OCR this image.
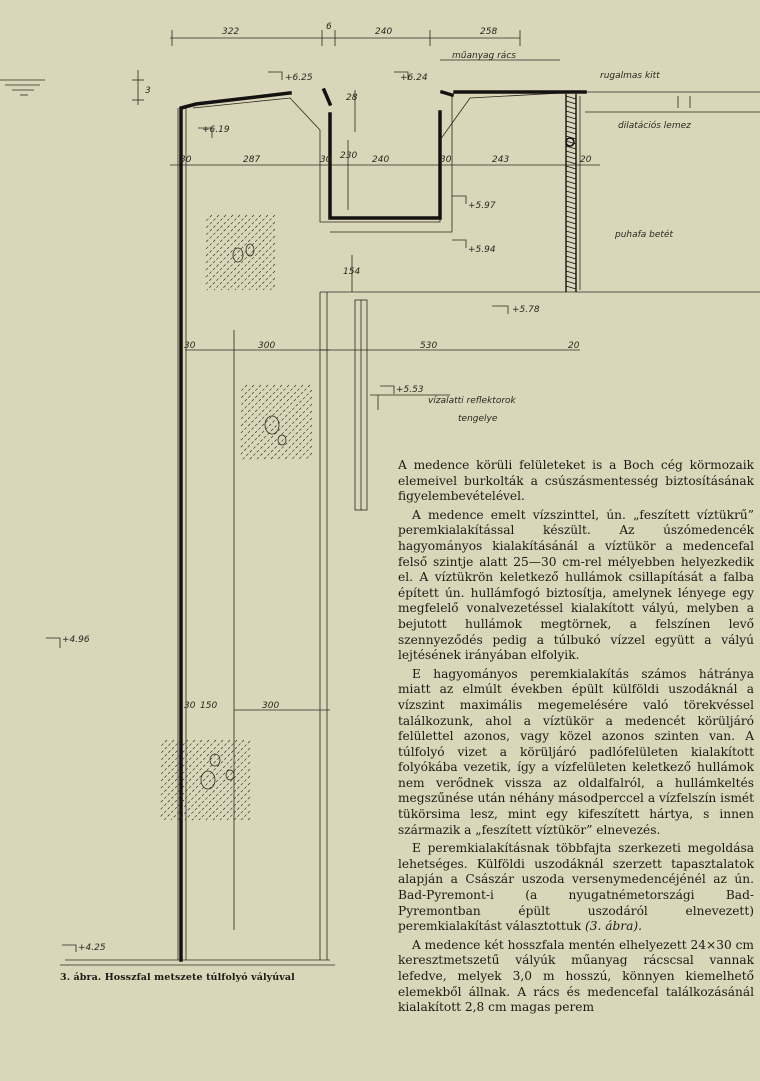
322	6	240	258
műanyag rács
+6.25	+6.24
3
28
rugalmas kitt
dilatációs lemez
+6.19
230
30	287	30	240	30	243	20
+5.97
puhafa betét
+5.94
154
+5.78
30	300	530	20
+5.53
vízalatti reflektorok
tengelye
+4.96
30 150	300
+4.25
3. ábra. Hosszfal metszete túlfolyó vályúval

A medence körüli felületeket is a Boch cég körmozaik elemeivel burkolták a csúszásmentesség biztosításának figyelembevételével.

A medence emelt vízszinttel, ún. „feszített víztükrű” peremkialakítással készült. Az úszómedencék hagyományos kialakításánál a víztükör a medencefal felső szintje alatt 25—30 cm-rel mélyebben helyezkedik el. A víztükrön keletkező hullámok csillapítását a falba épített ún. hullámfogó biztosítja, amelynek lényege egy megfelelő vonalvezetéssel kialakított vályú, melyben a bejutott hullámok megtörnek, a felszínen levő szennyeződés pedig a túlbukó vízzel együtt a vályú lejtésének irányában elfolyik.

E hagyományos peremkialakítás számos hátránya miatt az elmúlt években épült külföldi uszodáknál a vízszint maximális megemelésére való törekvéssel találkozunk, ahol a víztükör a medencét körüljáró felülettel azonos, vagy közel azonos szinten van. A túlfolyó vizet a körüljáró padlófelületen kialakított folyókába vezetik, így a vízfelületen keletkező hullámok nem verődnek vissza az oldalfalról, a hullámkeltés megszűnése után néhány másodperccel a vízfelszín ismét tükörsima lesz, mint egy kifeszített hártya, s innen származik a „feszített víztükör” elnevezés.

E peremkialakításnak többfajta szerkezeti megoldása lehetséges. Külföldi uszodáknál szerzett tapasztalatok alapján a Császár uszoda versenymedencéjénél az ún. Bad-Pyremont-i (a nyugatnémetországi Bad-Pyremontban épült uszodáról elnevezett) peremkialakítást választottuk (3. ábra).

A medence két hosszfala mentén elhelyezett 24×30 cm keresztmetszetű vályúk műanyag rácscsal vannak lefedve, melyek 3,0 m hosszú, könnyen kiemelhető elemekből állnak. A rács és medencefal találkozásánál kialakított 2,8 cm magas perem
